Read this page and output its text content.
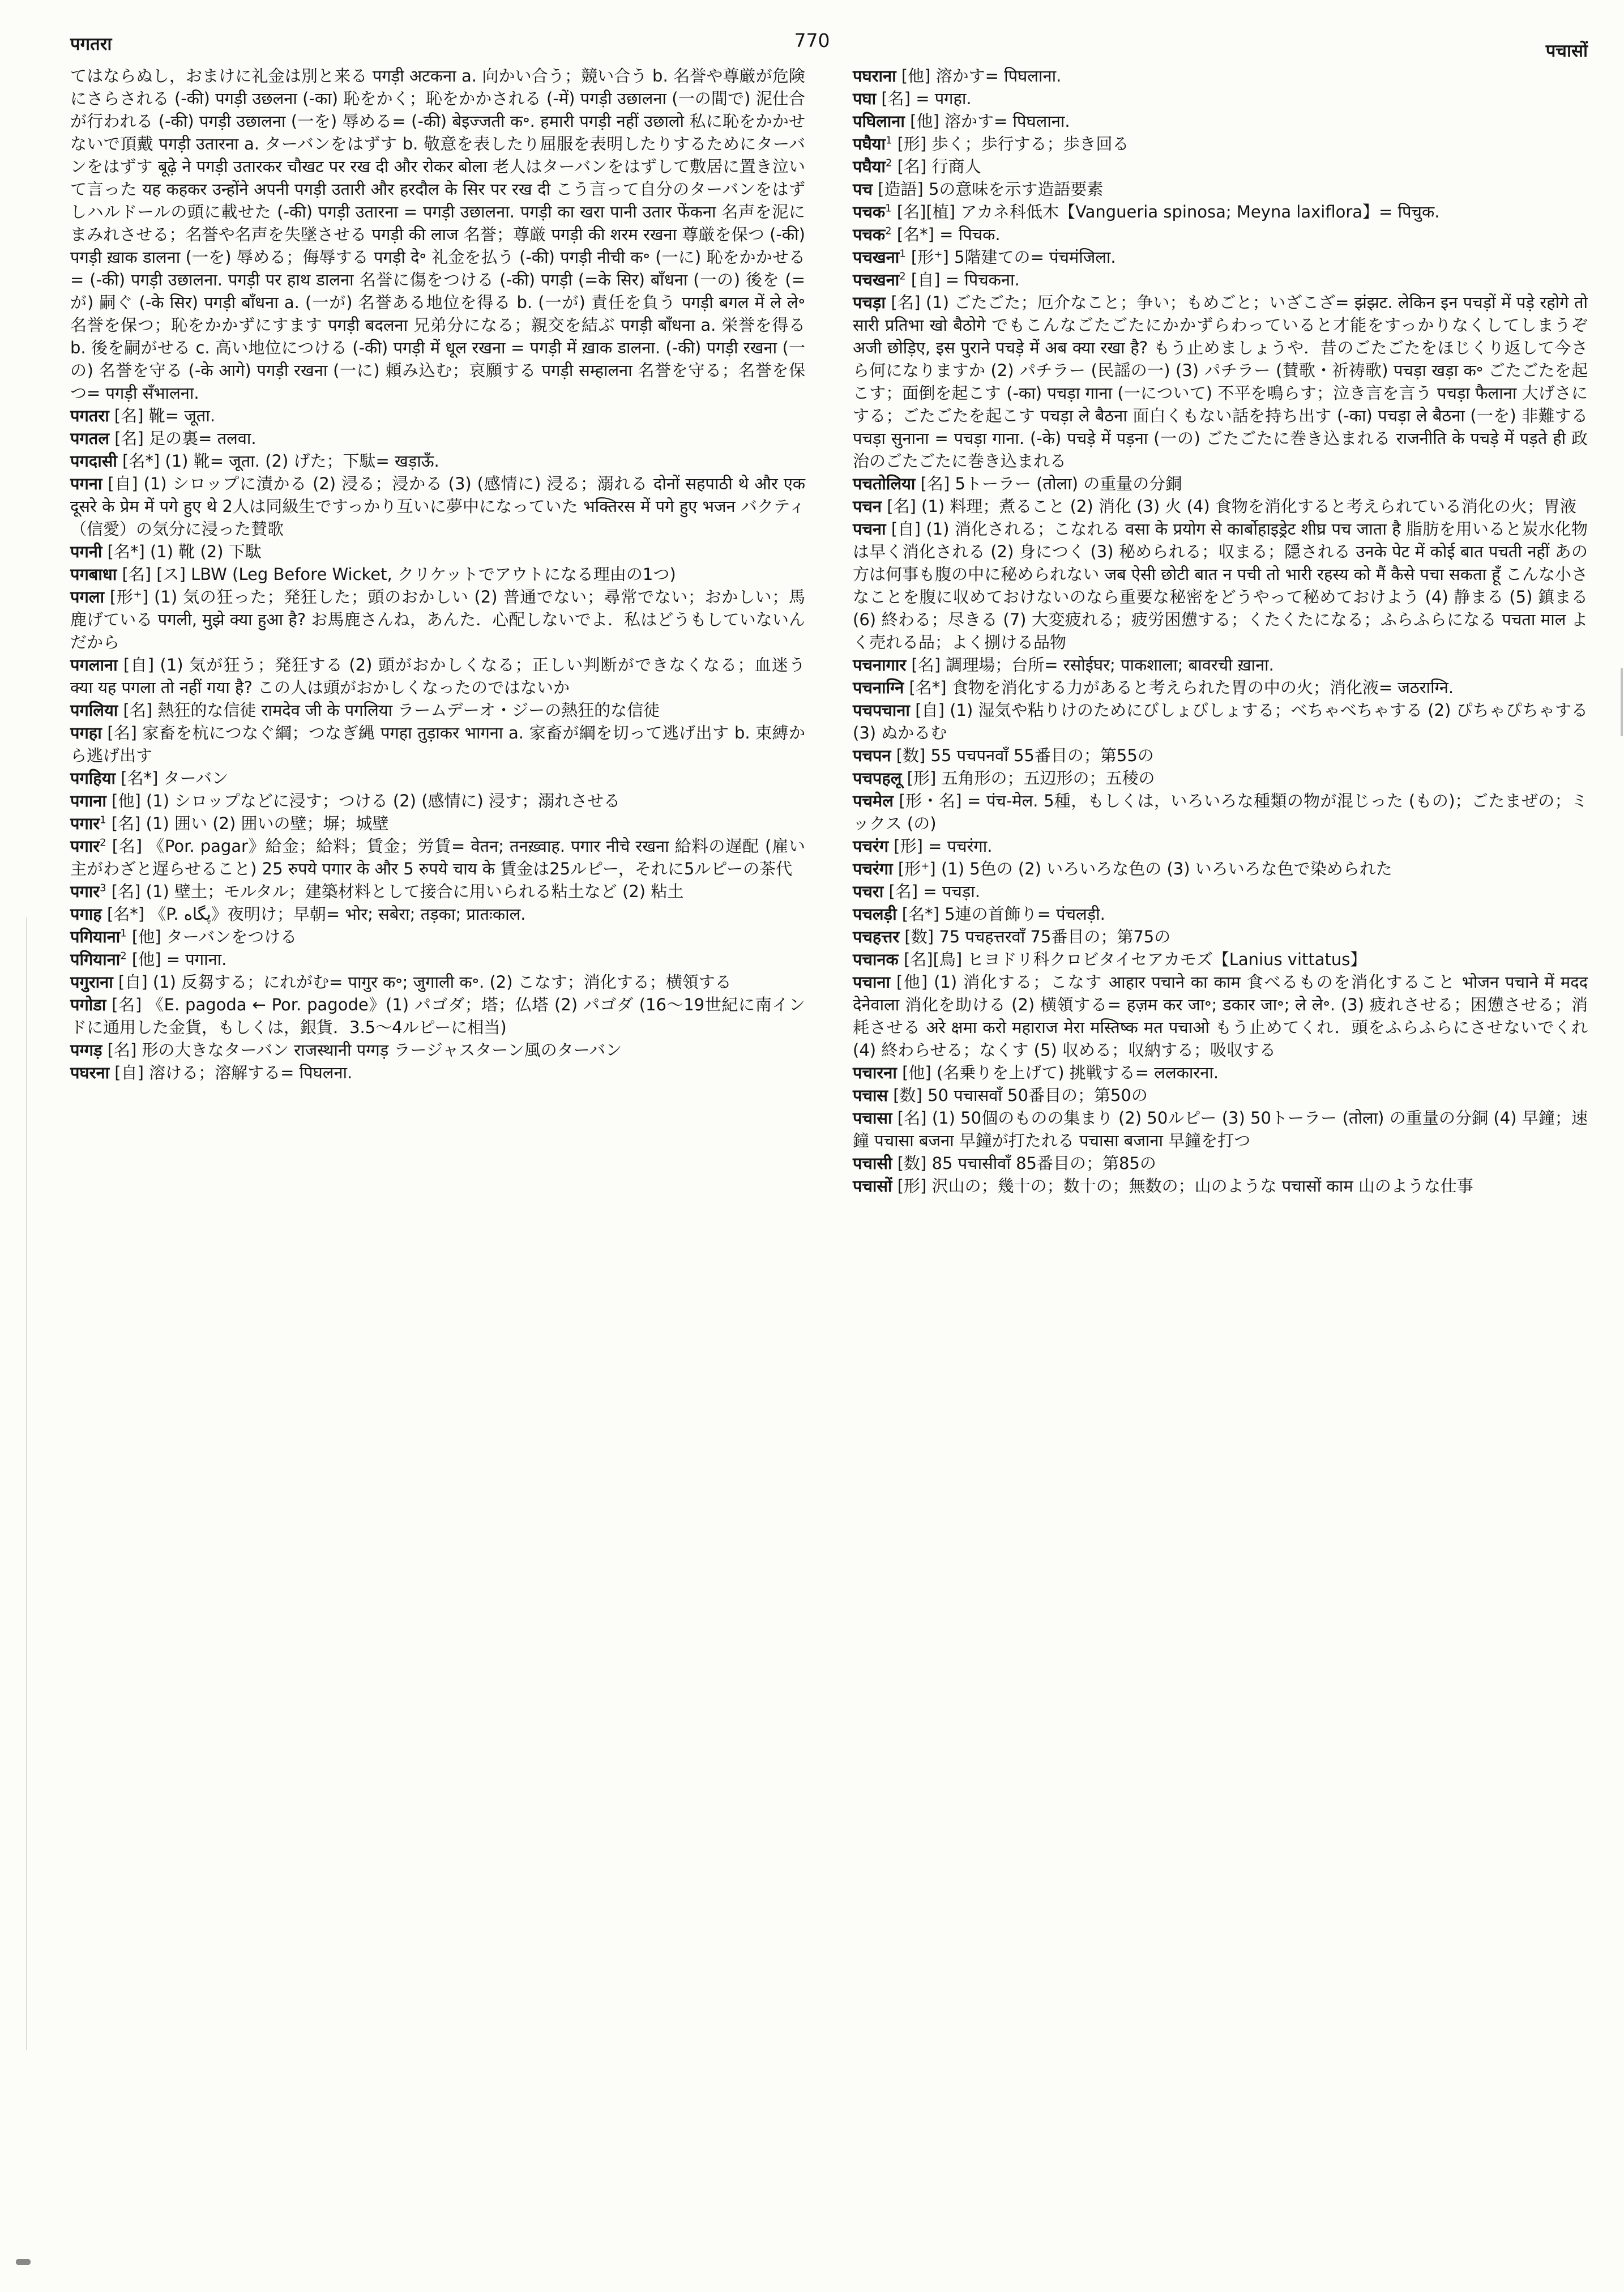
पगतरा	770	पचासों

てはならぬし，おまけに礼金は別と来る पगड़ी अटकना a. 向かい合う；競い合う b. 名誉や尊厳が危険にさらされる (-की) पगड़ी उछलना (-का) 恥をかく；恥をかかされる (-में) पगड़ी उछालना (一の間で) 泥仕合が行われる (-की) पगड़ी उछालना (一を) 辱める= (-की) बेइज्जती क॰. हमारी पगड़ी नहीं उछालो 私に恥をかかせないで頂戴 पगड़ी उतारना a. ターバンをはずす b. 敬意を表したり屈服を表明したりするためにターバンをはずす बूढ़े ने पगड़ी उतारकर चौखट पर रख दी और रोकर बोला 老人はターバンをはずして敷居に置き泣いて言った यह कहकर उन्होंने अपनी पगड़ी उतारी और हरदौल के सिर पर रख दी こう言って自分のターバンをはずしハルドールの頭に載せた (-की) पगड़ी उतारना = पगड़ी उछालना. पगड़ी का खरा पानी उतार फेंकना 名声を泥にまみれさせる；名誉や名声を失墜させる पगड़ी की लाज 名誉；尊厳 पगड़ी की शरम रखना 尊厳を保つ (-की) पगड़ी ख़ाक डालना (一を) 辱める；侮辱する पगड़ी दे॰ 礼金を払う (-की) पगड़ी नीची क॰ (一に) 恥をかかせる= (-की) पगड़ी उछालना. पगड़ी पर हाथ डालना 名誉に傷をつける (-की) पगड़ी (=के सिर) बाँधना (一の) 後を (=が) 嗣ぐ (-के सिर) पगड़ी बाँधना a. (一が) 名誉ある地位を得る b. (一が) 責任を負う पगड़ी बगल में ले ले॰ 名誉を保つ；恥をかかずにすます पगड़ी बदलना 兄弟分になる；親交を結ぶ पगड़ी बाँधना a. 栄誉を得る b. 後を嗣がせる c. 高い地位につける (-की) पगड़ी में धूल रखना = पगड़ी में ख़ाक डालना. (-की) पगड़ी रखना (一の) 名誉を守る (-के आगे) पगड़ी रखना (一に) 頼み込む；哀願する पगड़ी सम्हालना 名誉を守る；名誉を保つ= पगड़ी सँभालना.

पगतरा [名] 靴= जूता.

पगतल [名] 足の裏= तलवा.

पगदासी [名*] (1) 靴= जूता. (2) げた；下駄= खड़ाऊँ.

पगना [自] (1) シロップに漬かる (2) 浸る；浸かる (3) (感情に) 浸る；溺れる दोनों सहपाठी थे और एक दूसरे के प्रेम में पगे हुए थे 2人は同級生ですっかり互いに夢中になっていた भक्तिरस में पगे हुए भजन バクティ（信愛）の気分に浸った賛歌

पगनी [名*] (1) 靴 (2) 下駄

पगबाधा [名] [ス] LBW (Leg Before Wicket, クリケットでアウトになる理由の1つ)

पगला [形⁺] (1) 気の狂った；発狂した；頭のおかしい (2) 普通でない；尋常でない；おかしい；馬鹿げている पगली, मुझे क्या हुआ है? お馬鹿さんね，あんた．心配しないでよ．私はどうもしていないんだから

पगलाना [自] (1) 気が狂う；発狂する (2) 頭がおかしくなる；正しい判断ができなくなる；血迷う क्या यह पगला तो नहीं गया है? この人は頭がおかしくなったのではないか

पगलिया [名] 熱狂的な信徒 रामदेव जी के पगलिया ラームデーオ・ジーの熱狂的な信徒

पगहा [名] 家畜を杭につなぐ綱；つなぎ縄 पगहा तुड़ाकर भागना a. 家畜が綱を切って逃げ出す b. 束縛から逃げ出す

पगहिया [名*] ターバン

पगाना [他] (1) シロップなどに浸す；つける (2) (感情に) 浸す；溺れさせる

पगार$^1$ [名] (1) 囲い (2) 囲いの壁；塀；城壁

पगार$^2$ [名] 《Por. pagar》給金；給料；賃金；労賃= वेतन; तनख़्वाह. पगार नीचे रखना 給料の遅配 (雇い主がわざと遅らせること) 25 रुपये पगार के और 5 रुपये चाय के 賃金は25ルピー，それに5ルピーの茶代

पगार$^3$ [名] (1) 壁土；モルタル；建築材料として接合に用いられる粘土など (2) 粘土

पगाह [名*] 《P. پگاه》夜明け；早朝= भोर; सबेरा; तड़का; प्रातःकाल.

पगियाना$^1$ [他] ターバンをつける

पगियाना$^2$ [他] = पगाना.

पगुराना [自] (1) 反芻する；にれがむ= पागुर क॰; जुगाली क॰. (2) こなす；消化する；横領する

पगोडा [名] 《E. pagoda ← Por. pagode》(1) パゴダ；塔；仏塔 (2) パゴダ (16〜19世紀に南インドに通用した金貨，もしくは，銀貨．3.5〜4ルピーに相当)

पग्गड़ [名] 形の大きなターバン राजस्थानी पग्गड़ ラージャスターン風のターバン

पघरना [自] 溶ける；溶解する= पिघलना.

पघराना [他] 溶かす= पिघलाना.

पघा [名] = पगहा.

पघिलाना [他] 溶かす= पिघलाना.

पघैया$^1$ [形] 歩く；歩行する；歩き回る

पघैया$^2$ [名] 行商人

पच [造語] 5の意味を示す造語要素

पचक$^1$ [名][植] アカネ科低木【Vangueria spinosa; Meyna laxiflora】= पिचुक.

पचक$^2$ [名*] = पिचक.

पचखना$^1$ [形⁺] 5階建ての= पंचमंजिला.

पचखना$^2$ [自] = पिचकना.

पचड़ा [名] (1) ごたごた；厄介なこと；争い；もめごと；いざこざ= झंझट. लेकिन इन पचड़ों में पड़े रहोगे तो सारी प्रतिभा खो बैठोगे でもこんなごたごたにかかずらわっていると才能をすっかりなくしてしまうぞ अजी छोड़िए, इस पुराने पचड़े में अब क्या रखा है? もう止めましょうや．昔のごたごたをほじくり返して今さら何になりますか (2) パチラー (民謡の一) (3) パチラー (賛歌・祈祷歌) पचड़ा खड़ा क॰ ごたごたを起こす；面倒を起こす (-का) पचड़ा गाना (一について) 不平を鳴らす；泣き言を言う पचड़ा फैलाना 大げさにする；ごたごたを起こす पचड़ा ले बैठना 面白くもない話を持ち出す (-का) पचड़ा ले बैठना (一を) 非難する पचड़ा सुनाना = पचड़ा गाना. (-के) पचड़े में पड़ना (一の) ごたごたに巻き込まれる राजनीति के पचड़े में पड़ते ही 政治のごたごたに巻き込まれる

पचतोलिया [名] 5トーラー (तोला) の重量の分銅

पचन [名] (1) 料理；煮ること (2) 消化 (3) 火 (4) 食物を消化すると考えられている消化の火；胃液

पचना [自] (1) 消化される；こなれる वसा के प्रयोग से कार्बोहाइड्रेट शीघ्र पच जाता है 脂肪を用いると炭水化物は早く消化される (2) 身につく (3) 秘められる；収まる；隠される उनके पेट में कोई बात पचती नहीं あの方は何事も腹の中に秘められない जब ऐसी छोटी बात न पची तो भारी रहस्य को मैं कैसे पचा सकता हूँ こんな小さなことを腹に収めておけないのなら重要な秘密をどうやって秘めておけよう (4) 静まる (5) 鎮まる (6) 終わる；尽きる (7) 大変疲れる；疲労困憊する；くたくたになる；ふらふらになる पचता माल よく売れる品；よく捌ける品物

पचनागार [名] 調理場；台所= रसोईघर; पाकशाला; बावरची ख़ाना.

पचनाग्नि [名*] 食物を消化する力があると考えられた胃の中の火；消化液= जठराग्नि.

पचपचाना [自] (1) 湿気や粘りけのためにびしょびしょする；べちゃべちゃする (2) ぴちゃぴちゃする (3) ぬかるむ

पचपन [数] 55 पचपनवाँ 55番目の；第55の

पचपहलू [形] 五角形の；五辺形の；五稜の

पचमेल [形・名] = पंच-मेल. 5種，もしくは，いろいろな種類の物が混じった (もの)；ごたまぜの；ミックス (の)

पचरंग [形] = पचरंगा.

पचरंगा [形⁺] (1) 5色の (2) いろいろな色の (3) いろいろな色で染められた

पचरा [名] = पचड़ा.

पचलड़ी [名*] 5連の首飾り= पंचलड़ी.

पचहत्तर [数] 75 पचहत्तरवाँ 75番目の；第75の

पचानक [名][鳥] ヒヨドリ科クロビタイセアカモズ【Lanius vittatus】

पचाना [他] (1) 消化する；こなす आहार पचाने का काम 食べるものを消化すること भोजन पचाने में मदद देनेवाला 消化を助ける (2) 横領する= हज़म कर जा॰; डकार जा॰; ले ले॰. (3) 疲れさせる；困憊させる；消耗させる अरे क्षमा करो महाराज मेरा मस्तिष्क मत पचाओ もう止めてくれ．頭をふらふらにさせないでくれ (4) 終わらせる；なくす (5) 収める；収納する；吸収する

पचारना [他] (名乗りを上げて) 挑戦する= ललकारना.

पचास [数] 50 पचासवाँ 50番目の；第50の

पचासा [名] (1) 50個のものの集まり (2) 50ルピー (3) 50トーラー (तोला) の重量の分銅 (4) 早鐘；速鐘 पचासा बजना 早鐘が打たれる पचासा बजाना 早鐘を打つ

पचासी [数] 85 पचासीवाँ 85番目の；第85の

पचासों [形] 沢山の；幾十の；数十の；無数の；山のような पचासों काम 山のような仕事
